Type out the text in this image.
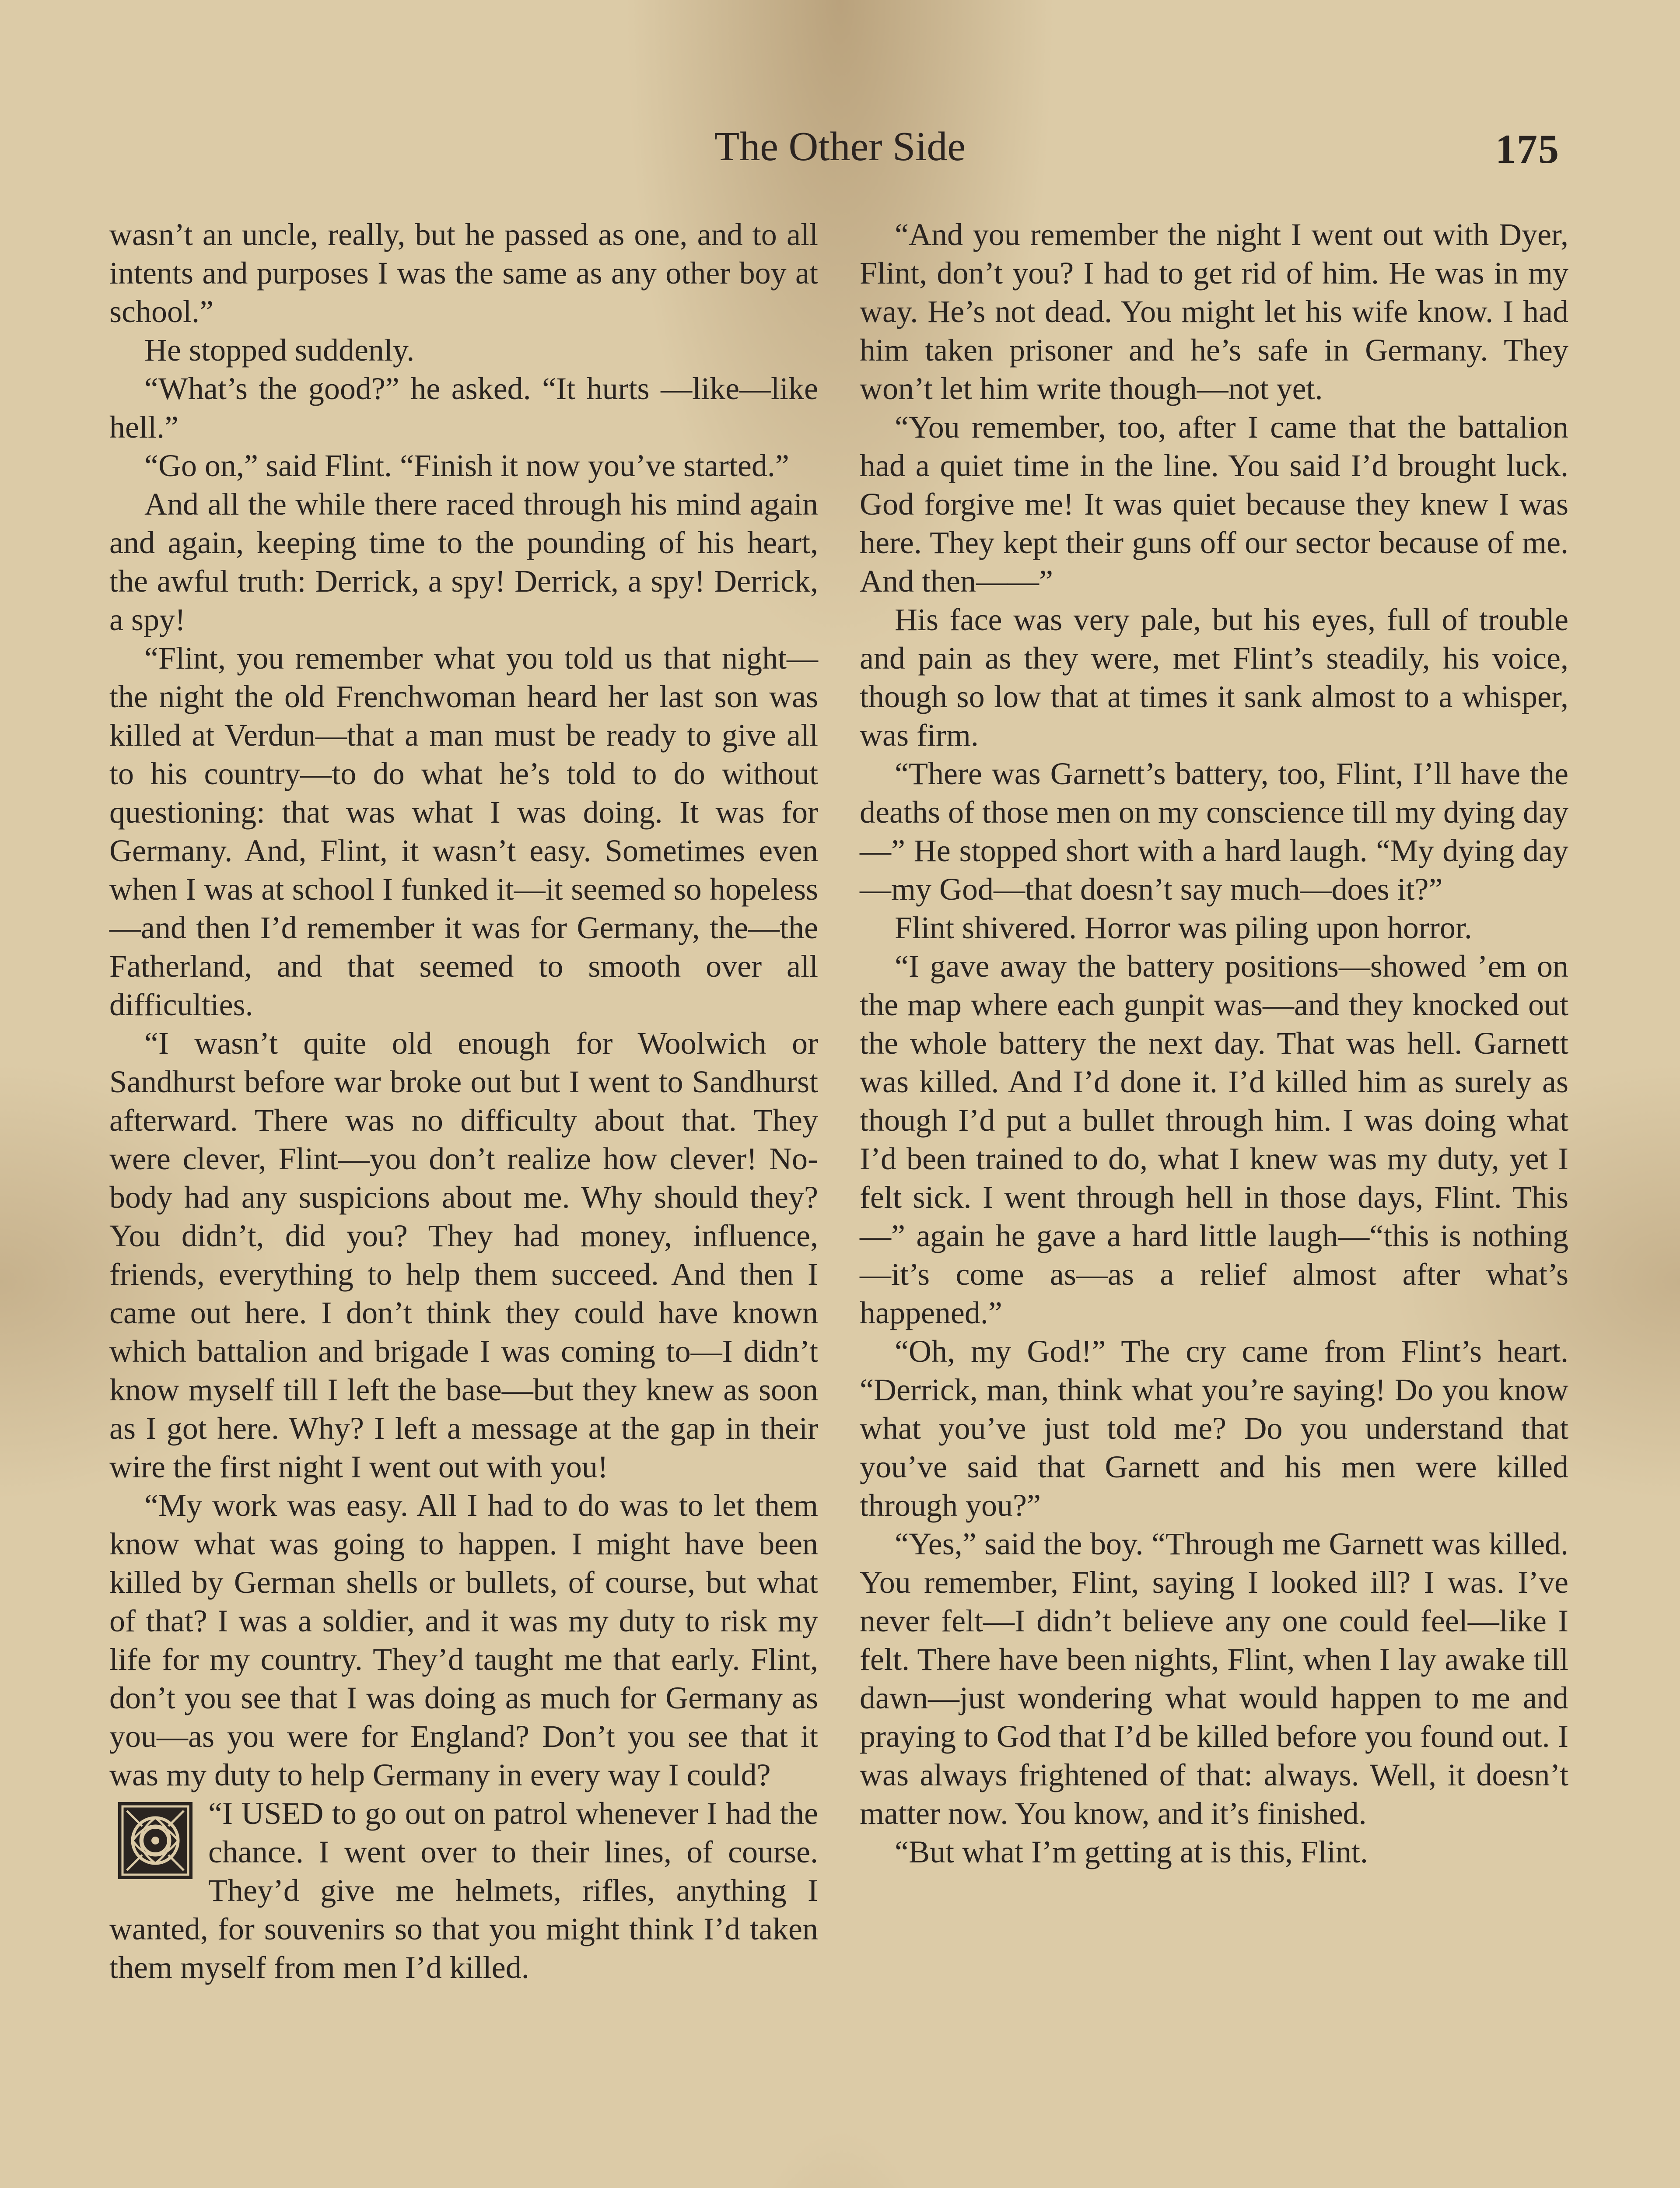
The Other Side	175

wasn’t an uncle, really, but he passed as one, and to all intents and purposes I was the same as any other boy at school.”

He stopped suddenly.

“What’s the good?” he asked. “It hurts —like—like hell.”

“Go on,” said Flint. “Finish it now you’ve started.”

And all the while there raced through his mind again and again, keeping time to the pounding of his heart, the awful truth: Derrick, a spy! Derrick, a spy! Derrick, a spy!

“Flint, you remember what you told us that night—the night the old Frenchwoman heard her last son was killed at Verdun—that a man must be ready to give all to his country—to do what he’s told to do without questioning: that was what I was doing. It was for Germany. And, Flint, it wasn’t easy. Sometimes even when I was at school I funked it—it seemed so hopeless—and then I’d remember it was for Germany, the—the Fatherland, and that seemed to smooth over all difficulties.

“I wasn’t quite old enough for Woolwich or Sandhurst before war broke out but I went to Sandhurst afterward. There was no difficulty about that. They were clever, Flint—you don’t realize how clever! Nobody had any suspicions about me. Why should they? You didn’t, did you? They had money, influence, friends, everything to help them succeed. And then I came out here. I don’t think they could have known which battalion and brigade I was coming to—I didn’t know myself till I left the base—but they knew as soon as I got here. Why? I left a message at the gap in their wire the first night I went out with you!

“My work was easy. All I had to do was to let them know what was going to happen. I might have been killed by German shells or bullets, of course, but what of that? I was a soldier, and it was my duty to risk my life for my country. They’d taught me that early. Flint, don’t you see that I was doing as much for Germany as you—as you were for England? Don’t you see that it was my duty to help Germany in every way I could?

“I USED to go out on patrol whenever I had the chance. I went over to their lines, of course. They’d give me helmets, rifles, anything I wanted, for souvenirs so that you might think I’d taken them myself from men I’d killed.

“And you remember the night I went out with Dyer, Flint, don’t you? I had to get rid of him. He was in my way. He’s not dead. You might let his wife know. I had him taken prisoner and he’s safe in Germany. They won’t let him write though—not yet.

“You remember, too, after I came that the battalion had a quiet time in the line. You said I’d brought luck. God forgive me! It was quiet because they knew I was here. They kept their guns off our sector because of me. And then——”

His face was very pale, but his eyes, full of trouble and pain as they were, met Flint’s steadily, his voice, though so low that at times it sank almost to a whisper, was firm.

“There was Garnett’s battery, too, Flint, I’ll have the deaths of those men on my conscience till my dying day—” He stopped short with a hard laugh. “My dying day—my God—that doesn’t say much—does it?”

Flint shivered. Horror was piling upon horror.

“I gave away the battery positions—showed ’em on the map where each gunpit was—and they knocked out the whole battery the next day. That was hell. Garnett was killed. And I’d done it. I’d killed him as surely as though I’d put a bullet through him. I was doing what I’d been trained to do, what I knew was my duty, yet I felt sick. I went through hell in those days, Flint. This—” again he gave a hard little laugh—“this is nothing—it’s come as—as a relief almost after what’s happened.”

“Oh, my God!” The cry came from Flint’s heart. “Derrick, man, think what you’re saying! Do you know what you’ve just told me? Do you understand that you’ve said that Garnett and his men were killed through you?”

“Yes,” said the boy. “Through me Garnett was killed. You remember, Flint, saying I looked ill? I was. I’ve never felt—I didn’t believe any one could feel—like I felt. There have been nights, Flint, when I lay awake till dawn—just wondering what would happen to me and praying to God that I’d be killed before you found out. I was always frightened of that: always. Well, it doesn’t matter now. You know, and it’s finished.

“But what I’m getting at is this, Flint.
